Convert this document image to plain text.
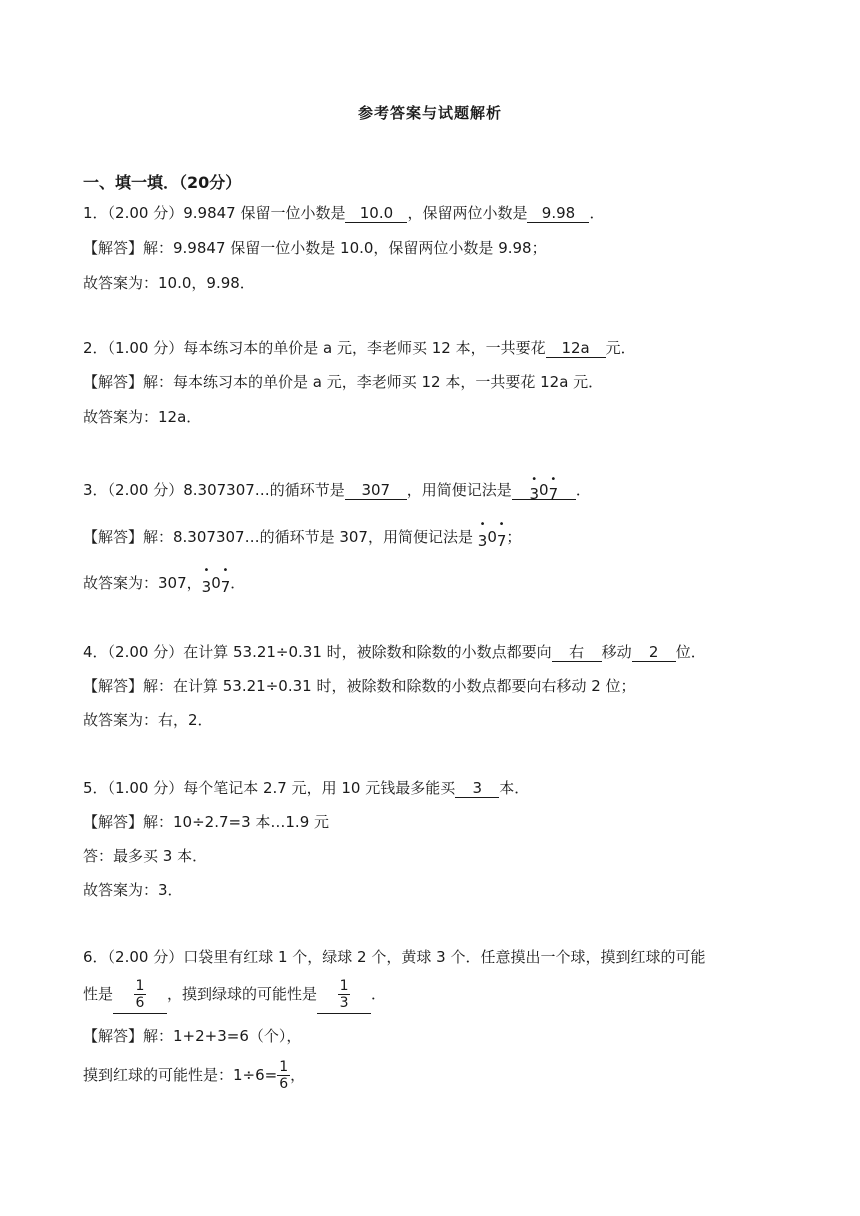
参考答案与试题解析
一、填一填．（20分）
1．（2.00 分）9.9847 保留一位小数是 10.0 ，保留两位小数是 9.98 ．
【解答】解：9.9847 保留一位小数是 10.0，保留两位小数是 9.98；
故答案为：10.0，9.98．
2．（1.00 分）每本练习本的单价是 a 元，李老师买 12 本，一共要花 12a 元．
【解答】解：每本练习本的单价是 a 元，李老师买 12 本，一共要花 12a 元．
故答案为：12a．
3．（2.00 分）8.307307…的循环节是 307 ，用简便记法是
•
30
•
7 ．
【解答】解：8.307307…的循环节是 307，用简便记法是
•
30
•
7；
故答案为：307，
•
30
•
7．
4．（2.00 分）在计算 53.21÷0.31 时，被除数和除数的小数点都要向 右 移动 2 位．
【解答】解：在计算 53.21÷0.31 时，被除数和除数的小数点都要向右移动 2 位；
故答案为：右，2．
5．（1.00 分）每个笔记本 2.7 元，用 10 元钱最多能买 3 本．
【解答】解：10÷2.7=3 本…1.9 元
答：最多买 3 本．
故答案为：3．
6．（2.00 分）口袋里有红球 1 个，绿球 2 个，黄球 3 个．任意摸出一个球，摸到红球的可能
性是 $\frac{1}{6}$ ，摸到绿球的可能性是 $\frac{1}{3}$ ．
【解答】解：1+2+3=6（个），
摸到红球的可能性是：$1\div 6= \frac{1}{6}$ ，
